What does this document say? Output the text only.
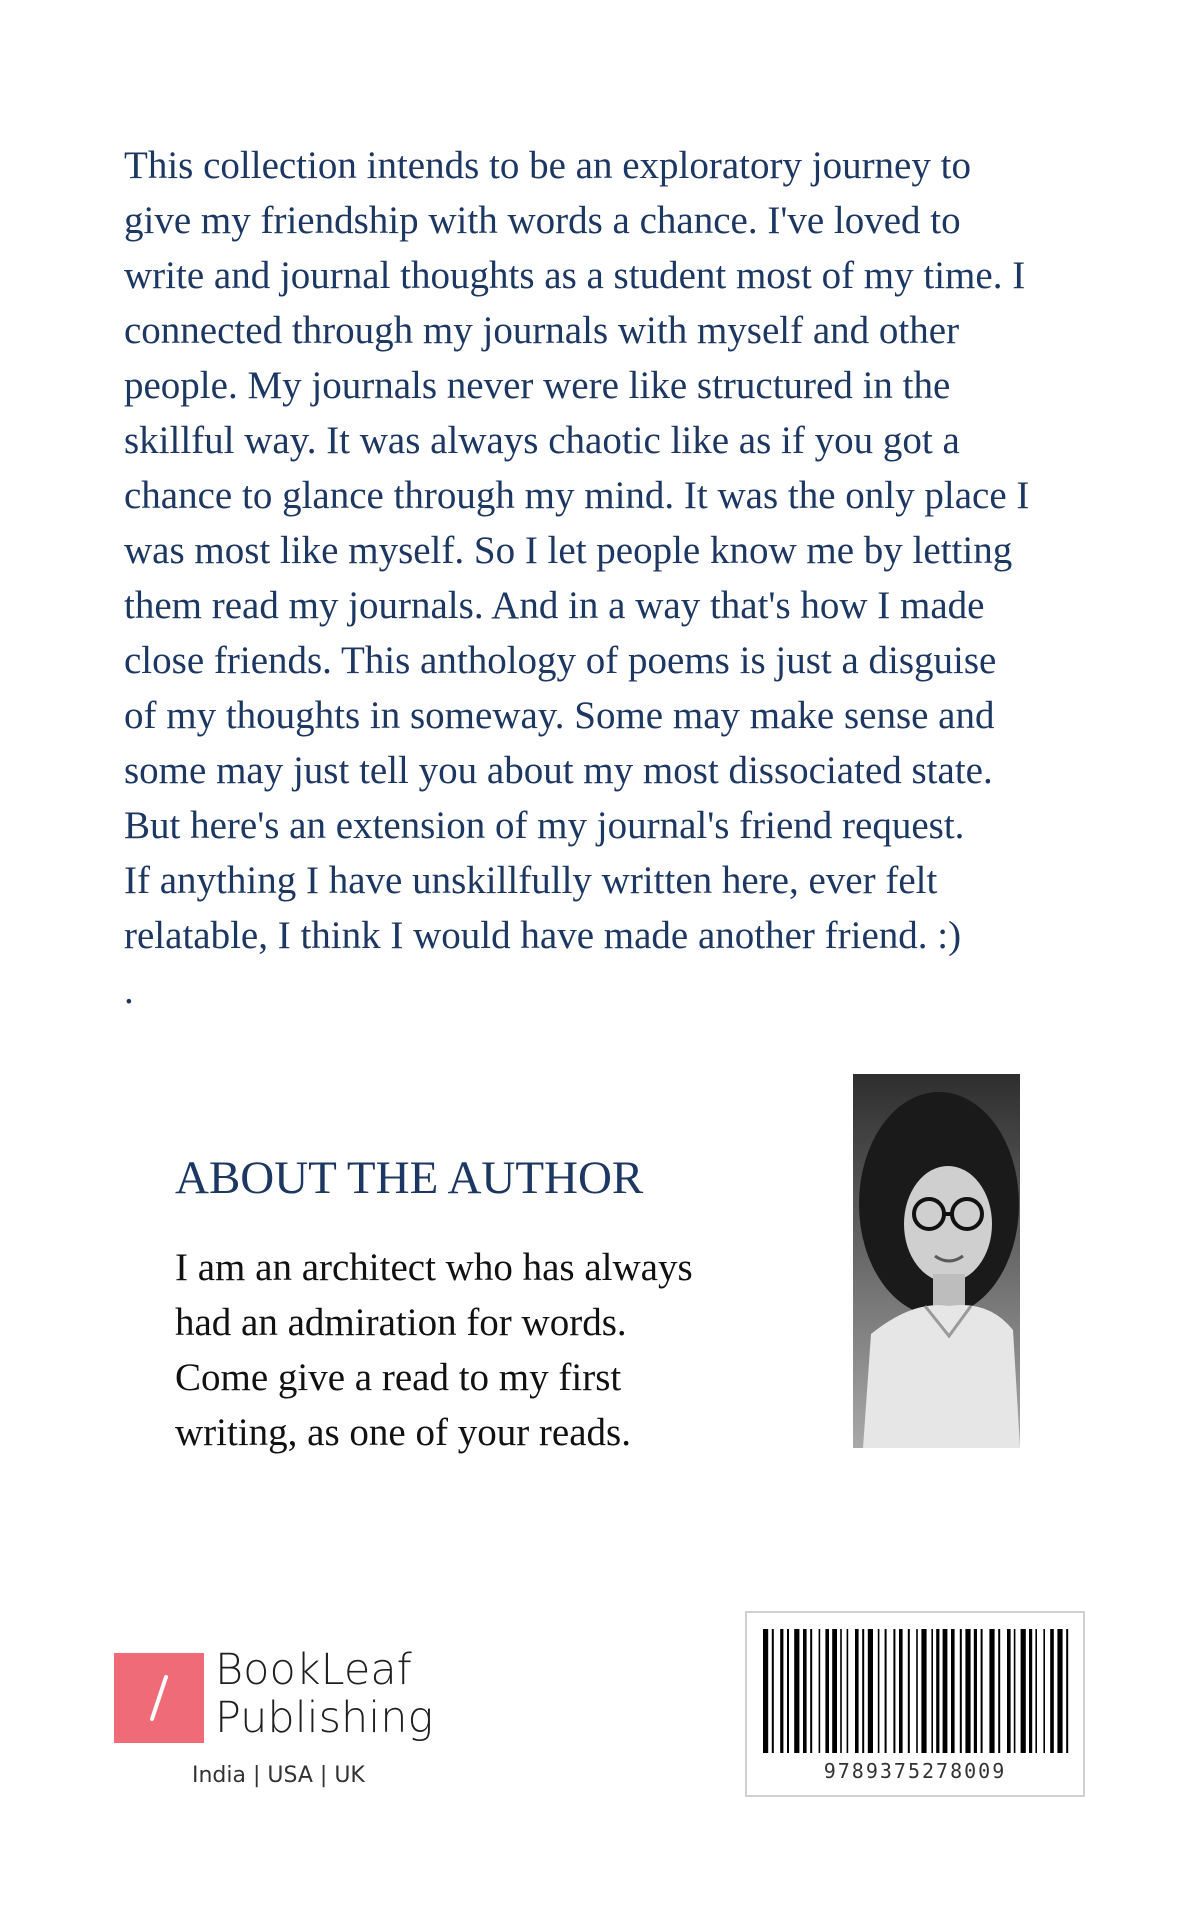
This collection intends to be an exploratory journey to
give my friendship with words a chance. I've loved to
write and journal thoughts as a student most of my time. I
connected through my journals with myself and other
people. My journals never were like structured in the
skillful way. It was always chaotic like as if you got a
chance to glance through my mind. It was the only place I
was most like myself. So I let people know me by letting
them read my journals. And in a way that's how I made
close friends. This anthology of poems is just a disguise
of my thoughts in someway. Some may make sense and
some may just tell you about my most dissociated state.
But here's an extension of my journal's friend request.
If anything I have unskillfully written here, ever felt
relatable, I think I would have made another friend. :)
.
ABOUT THE AUTHOR
I am an architect who has always
had an admiration for words.
Come give a read to my first
writing, as one of your reads.
BookLeaf
Publishing
India | USA | UK	9789375278009
